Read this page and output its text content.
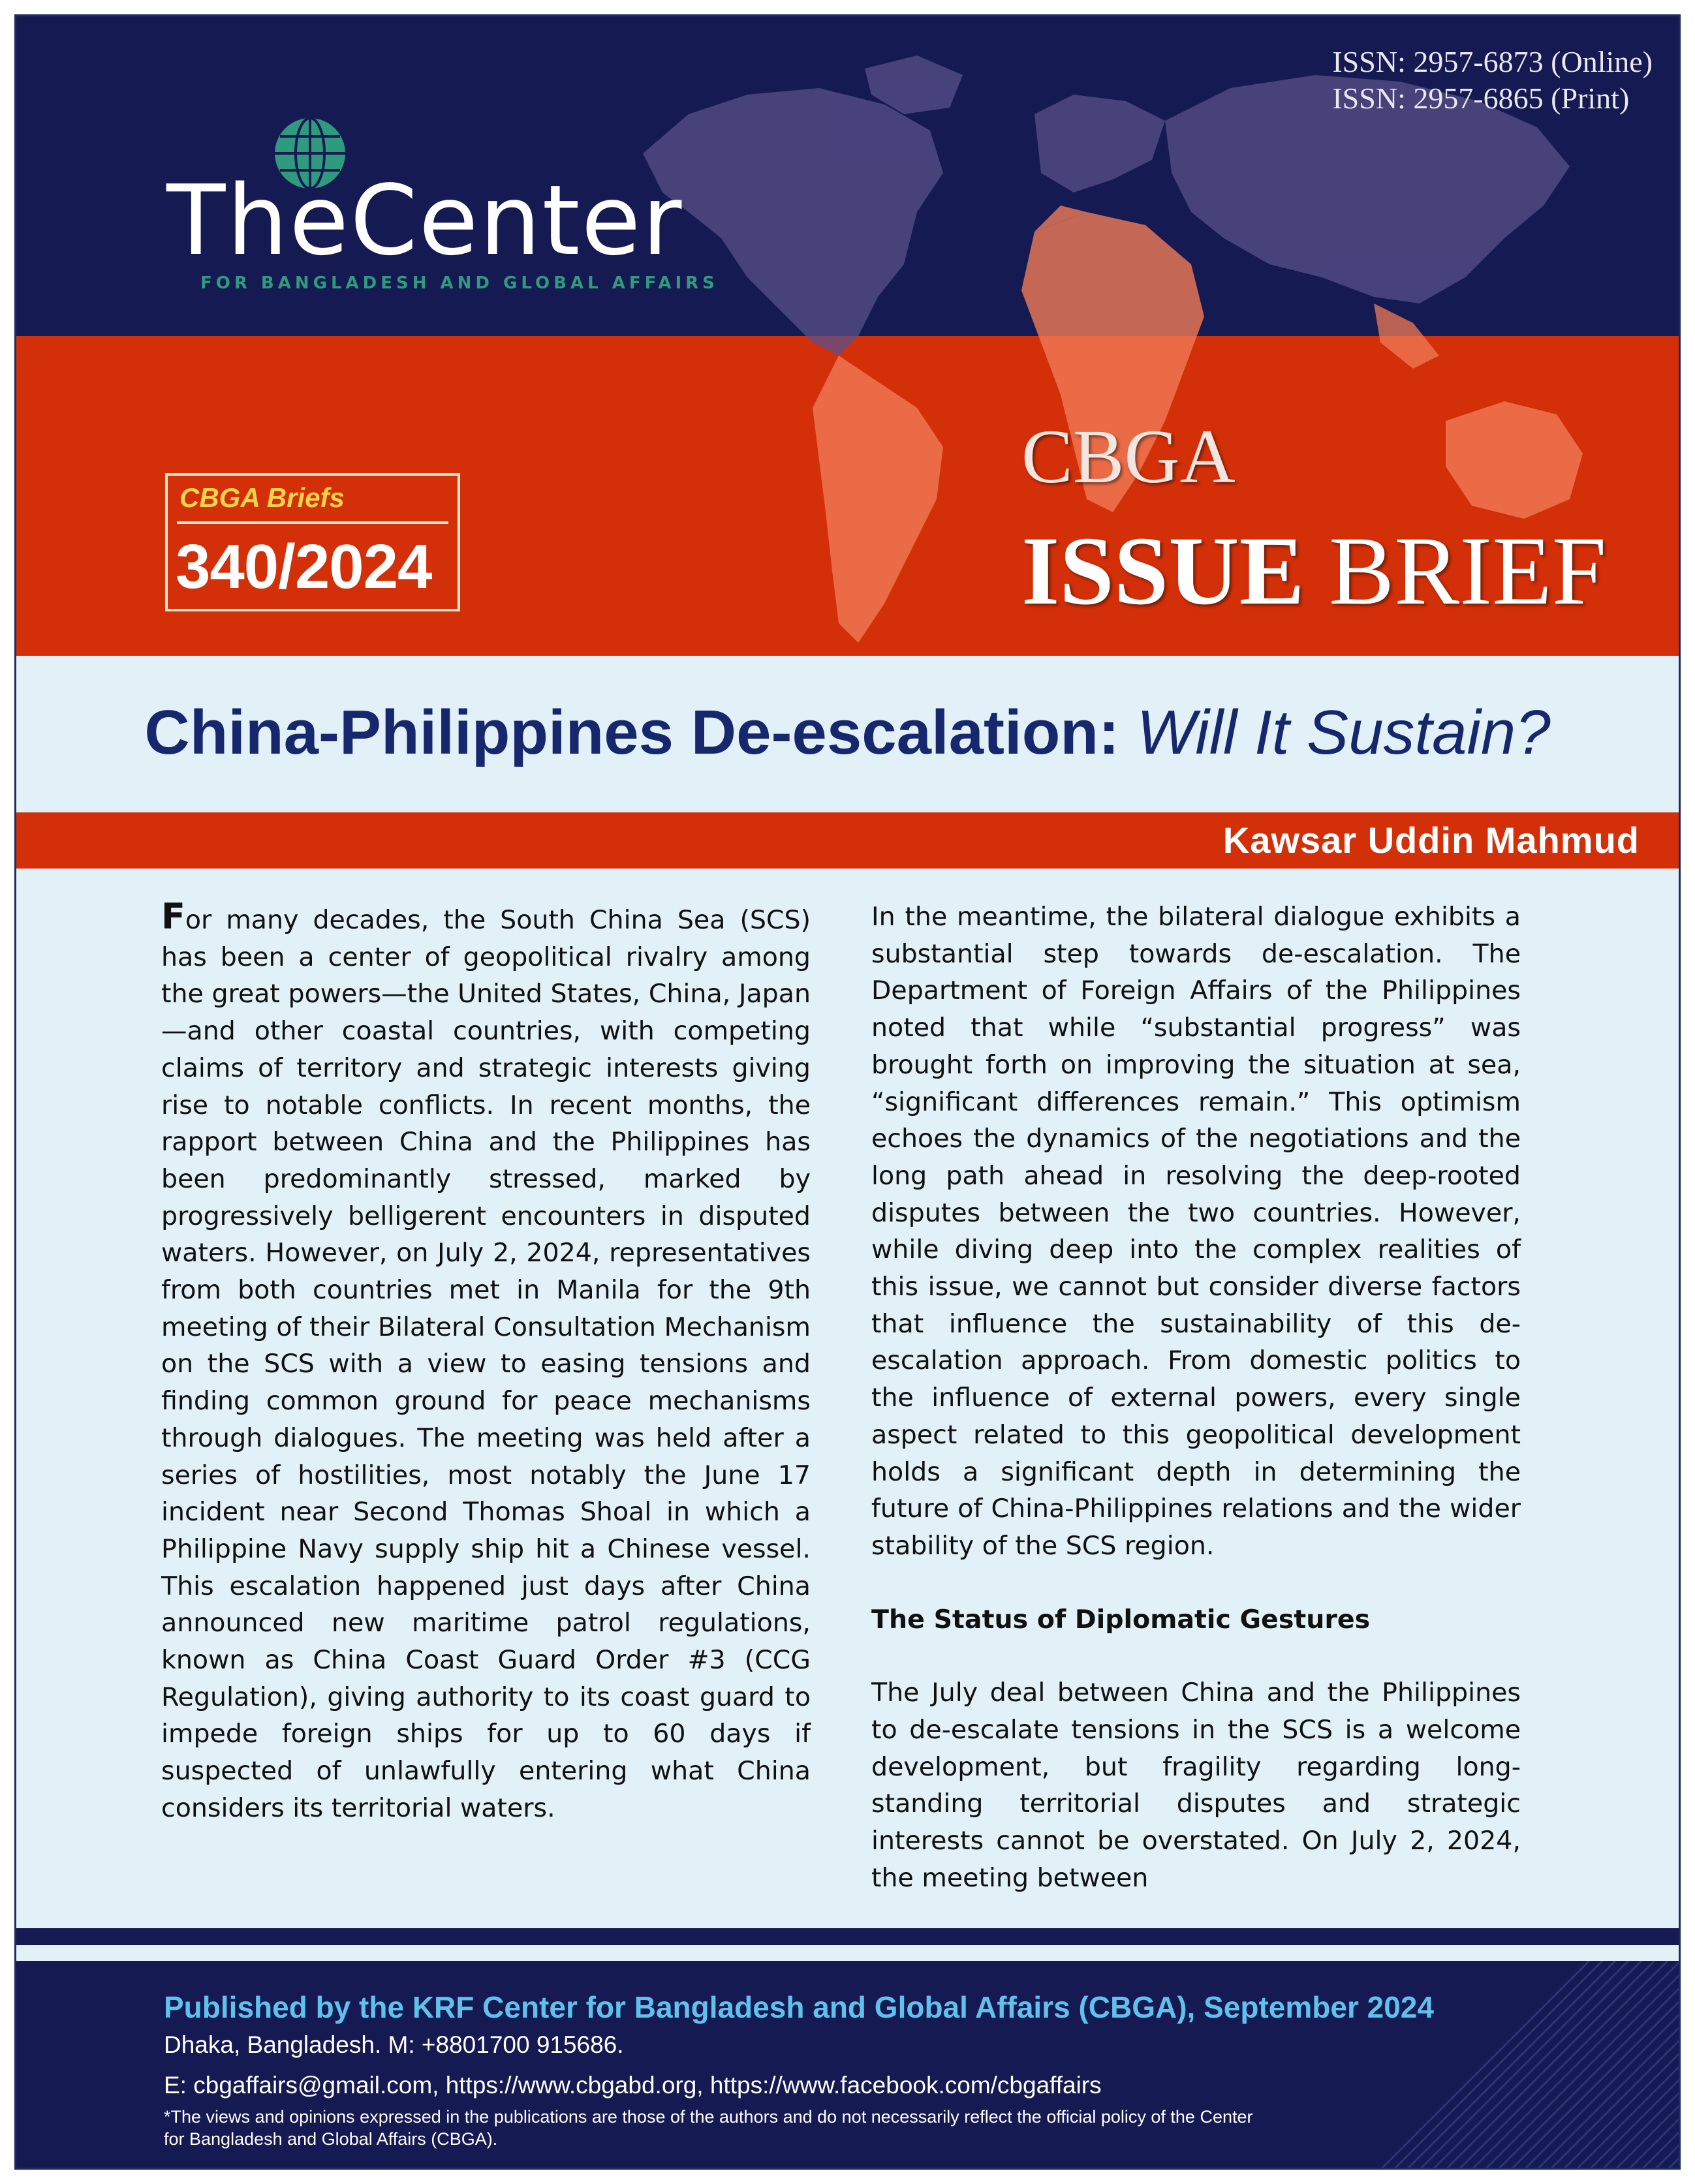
ISSN: 2957-6873 (Online)
ISSN: 2957-6865 (Print)
TheCenter
FOR BANGLADESH AND GLOBAL AFFAIRS
CBGA Briefs
340/2024
CBGA
ISSUE BRIEF
China-Philippines De-escalation: Will It Sustain?
Kawsar Uddin Mahmud

For many decades, the South China Sea (SCS) has been a center of geopolitical rivalry among the great powers—the United States, China, Japan—and other coastal countries, with competing claims of territory and strategic interests giving rise to notable conflicts. In recent months, the rapport between China and the Philippines has been predominantly stressed, marked by progressively belligerent encounters in disputed waters. However, on July 2, 2024, representatives from both countries met in Manila for the 9th meeting of their Bilateral Consultation Mechanism on the SCS with a view to easing tensions and finding common ground for peace mechanisms through dialogues. The meeting was held after a series of hostilities, most notably the June 17 incident near Second Thomas Shoal in which a Philippine Navy supply ship hit a Chinese vessel. This escalation happened just days after China announced new maritime patrol regulations, known as China Coast Guard Order #3 (CCG Regulation), giving authority to its coast guard to impede foreign ships for up to 60 days if suspected of unlawfully entering what China considers its territorial waters.

In the meantime, the bilateral dialogue exhibits a substantial step towards de-escalation. The Department of Foreign Affairs of the Philippines noted that while “substantial progress” was brought forth on improving the situation at sea, “significant differences remain.” This optimism echoes the dynamics of the negotiations and the long path ahead in resolving the deep-rooted disputes between the two countries. However, while diving deep into the complex realities of this issue, we cannot but consider diverse factors that influence the sustainability of this de-escalation approach. From domestic politics to the influence of external powers, every single aspect related to this geopolitical development holds a significant depth in determining the future of China-Philippines relations and the wider stability of the SCS region.

The Status of Diplomatic Gestures

The July deal between China and the Philippines to de-escalate tensions in the SCS is a welcome development, but fragility regarding long-standing territorial disputes and strategic interests cannot be overstated. On July 2, 2024, the meeting between

Published by the KRF Center for Bangladesh and Global Affairs (CBGA), September 2024
Dhaka, Bangladesh. M: +8801700 915686.
E: cbgaffairs@gmail.com, https://www.cbgabd.org, https://www.facebook.com/cbgaffairs
*The views and opinions expressed in the publications are those of the authors and do not necessarily reflect the official policy of the Center for Bangladesh and Global Affairs (CBGA).
